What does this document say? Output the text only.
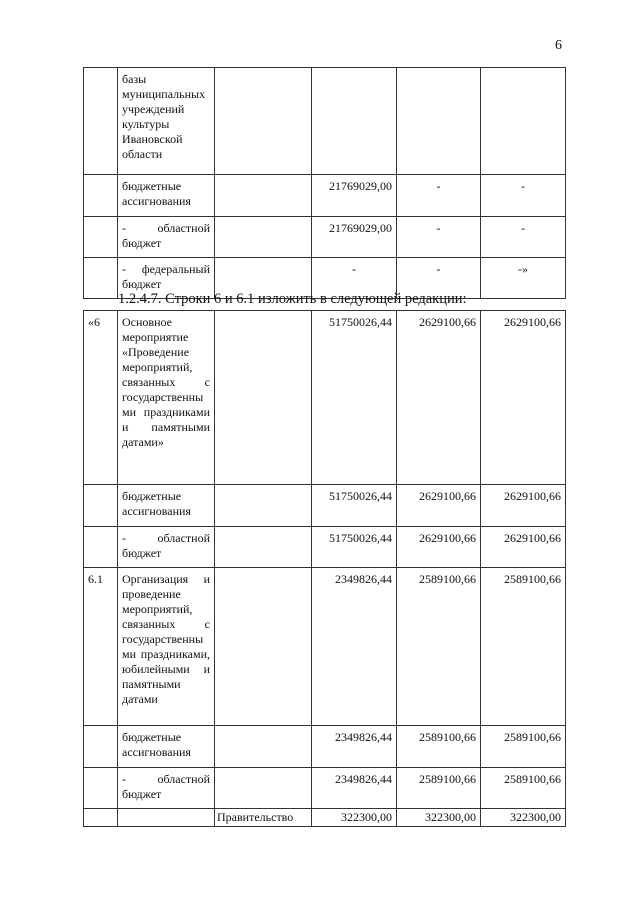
6
	базы муниципальных учреждений культуры Ивановской области				
	бюджетные ассигнования		21769029,00	-	-
	- областной бюджет		21769029,00	-	-
	- федеральный бюджет		-	-	-»
1.2.4.7. Строки 6 и 6.1 изложить в следующей редакции:
«6	Основное мероприятие «Проведение мероприятий, связанных с государственны ми праздниками и памятными датами»		51750026,44	2629100,66	2629100,66
	бюджетные ассигнования		51750026,44	2629100,66	2629100,66
	- областной бюджет		51750026,44	2629100,66	2629100,66
6.1	Организация и проведение мероприятий, связанных с государственны ми праздниками, юбилейными и памятными датами		2349826,44	2589100,66	2589100,66
	бюджетные ассигнования		2349826,44	2589100,66	2589100,66
	- областной бюджет		2349826,44	2589100,66	2589100,66
		Правительство	322300,00	322300,00	322300,00
